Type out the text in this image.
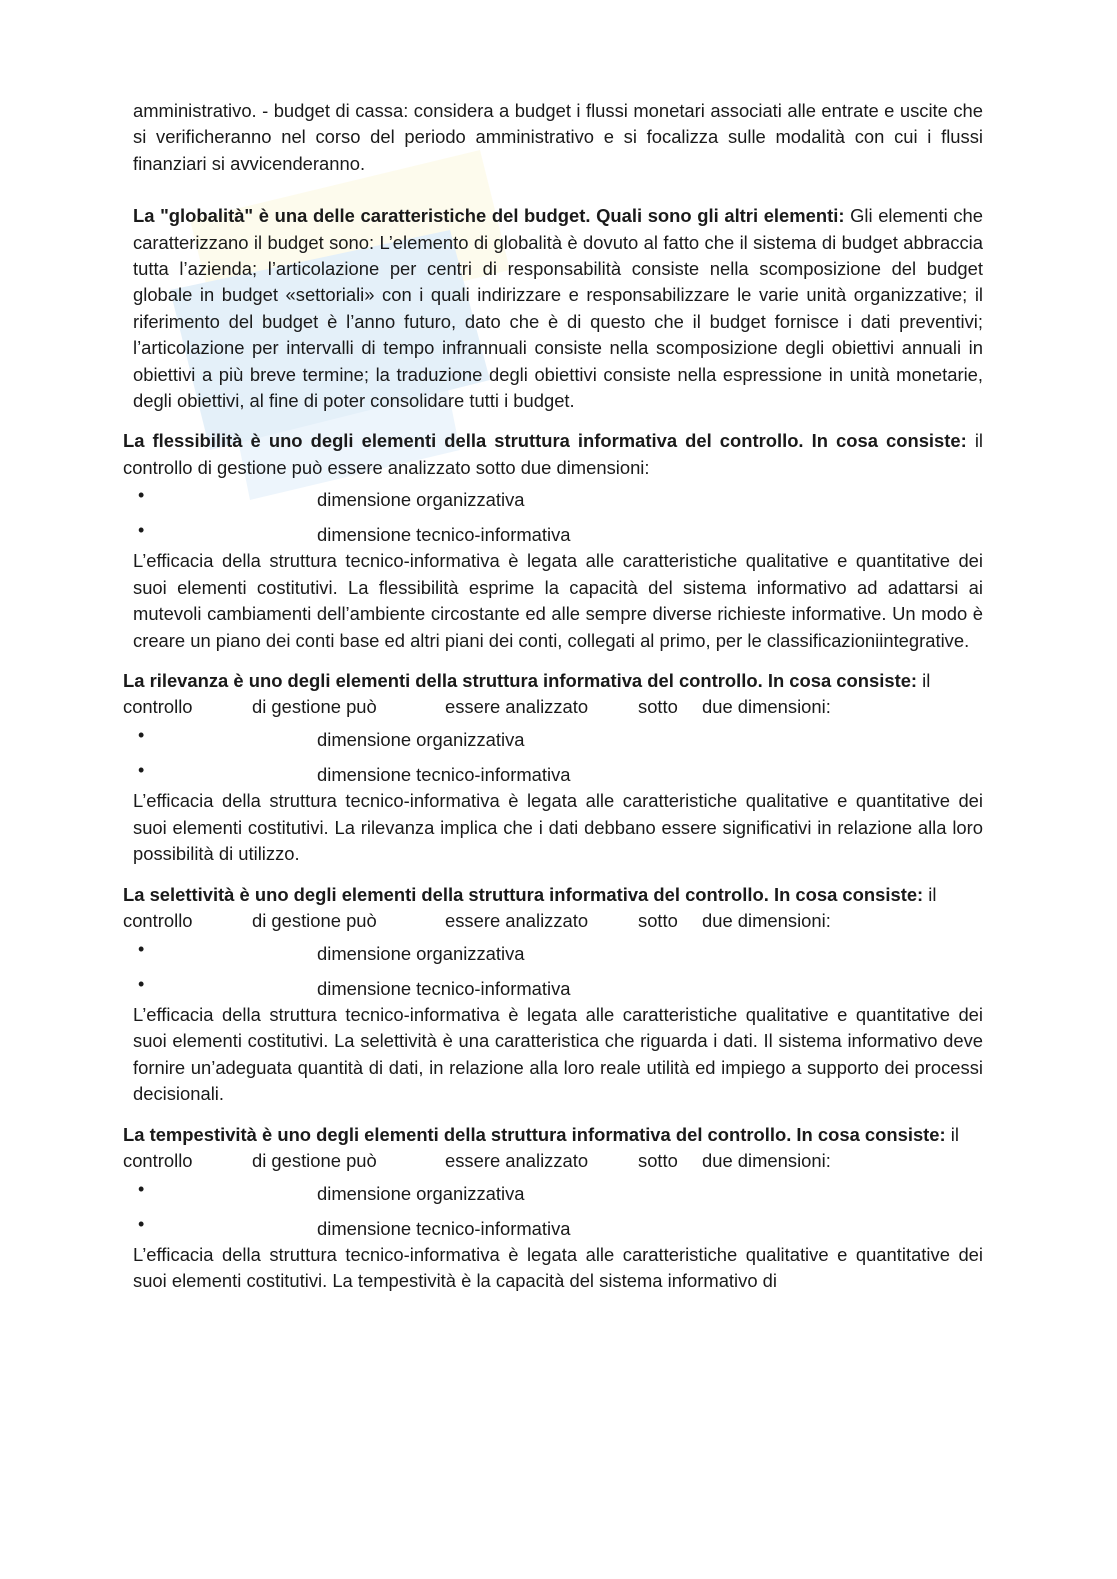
amministrativo. - budget di cassa: considera a budget i flussi monetari associati alle entrate e uscite che si verificheranno nel corso del periodo amministrativo e si focalizza sulle modalità con cui i flussi finanziari si avvicenderanno.

La "globalità" è una delle caratteristiche del budget. Quali sono gli altri elementi: Gli elementi che caratterizzano il budget sono: L’elemento di globalità è dovuto al fatto che il sistema di budget abbraccia tutta l’azienda; l’articolazione per centri di responsabilità consiste nella scomposizione del budget globale in budget «settoriali» con i quali indirizzare e responsabilizzare le varie unità organizzative; il riferimento del budget è l’anno futuro, dato che è di questo che il budget fornisce i dati preventivi; l’articolazione per intervalli di tempo infrannuali consiste nella scomposizione degli obiettivi annuali in obiettivi a più breve termine; la traduzione degli obiettivi consiste nella espressione in unità monetarie, degli obiettivi, al fine di poter consolidare tutti i budget.

La flessibilità è uno degli elementi della struttura informativa del controllo. In cosa consiste: il controllo di gestione può essere analizzato sotto due dimensioni:

•	dimensione organizzativa
•	dimensione tecnico-informativa

L’efficacia della struttura tecnico-informativa è legata alle caratteristiche qualitative e quantitative dei suoi elementi costitutivi. La flessibilità esprime la capacità del sistema informativo ad adattarsi ai mutevoli cambiamenti dell’ambiente circostante ed alle sempre diverse richieste informative. Un modo è creare un piano dei conti base ed altri piani dei conti, collegati al primo, per le classificazioniintegrative.

La rilevanza è uno degli elementi della struttura informativa del controllo. In cosa consiste: il

controllo	di gestione può	essere analizzato	sotto due dimensioni:
•	dimensione organizzativa
•	dimensione tecnico-informativa

L’efficacia della struttura tecnico-informativa è legata alle caratteristiche qualitative e quantitative dei suoi elementi costitutivi. La rilevanza implica che i dati debbano essere significativi in relazione alla loro possibilità di utilizzo.

La selettività è uno degli elementi della struttura informativa del controllo. In cosa consiste: il

controllo	di gestione può	essere analizzato	sotto due dimensioni:
•	dimensione organizzativa
•	dimensione tecnico-informativa

L’efficacia della struttura tecnico-informativa è legata alle caratteristiche qualitative e quantitative dei suoi elementi costitutivi. La selettività è una caratteristica che riguarda i dati. Il sistema informativo deve fornire un’adeguata quantità di dati, in relazione alla loro reale utilità ed impiego a supporto dei processi decisionali.

La tempestività è uno degli elementi della struttura informativa del controllo. In cosa consiste: il

controllo	di gestione può	essere analizzato	sotto due dimensioni:
•	dimensione organizzativa
•	dimensione tecnico-informativa

L’efficacia della struttura tecnico-informativa è legata alle caratteristiche qualitative e quantitative dei suoi elementi costitutivi. La tempestività è la capacità del sistema informativo di
